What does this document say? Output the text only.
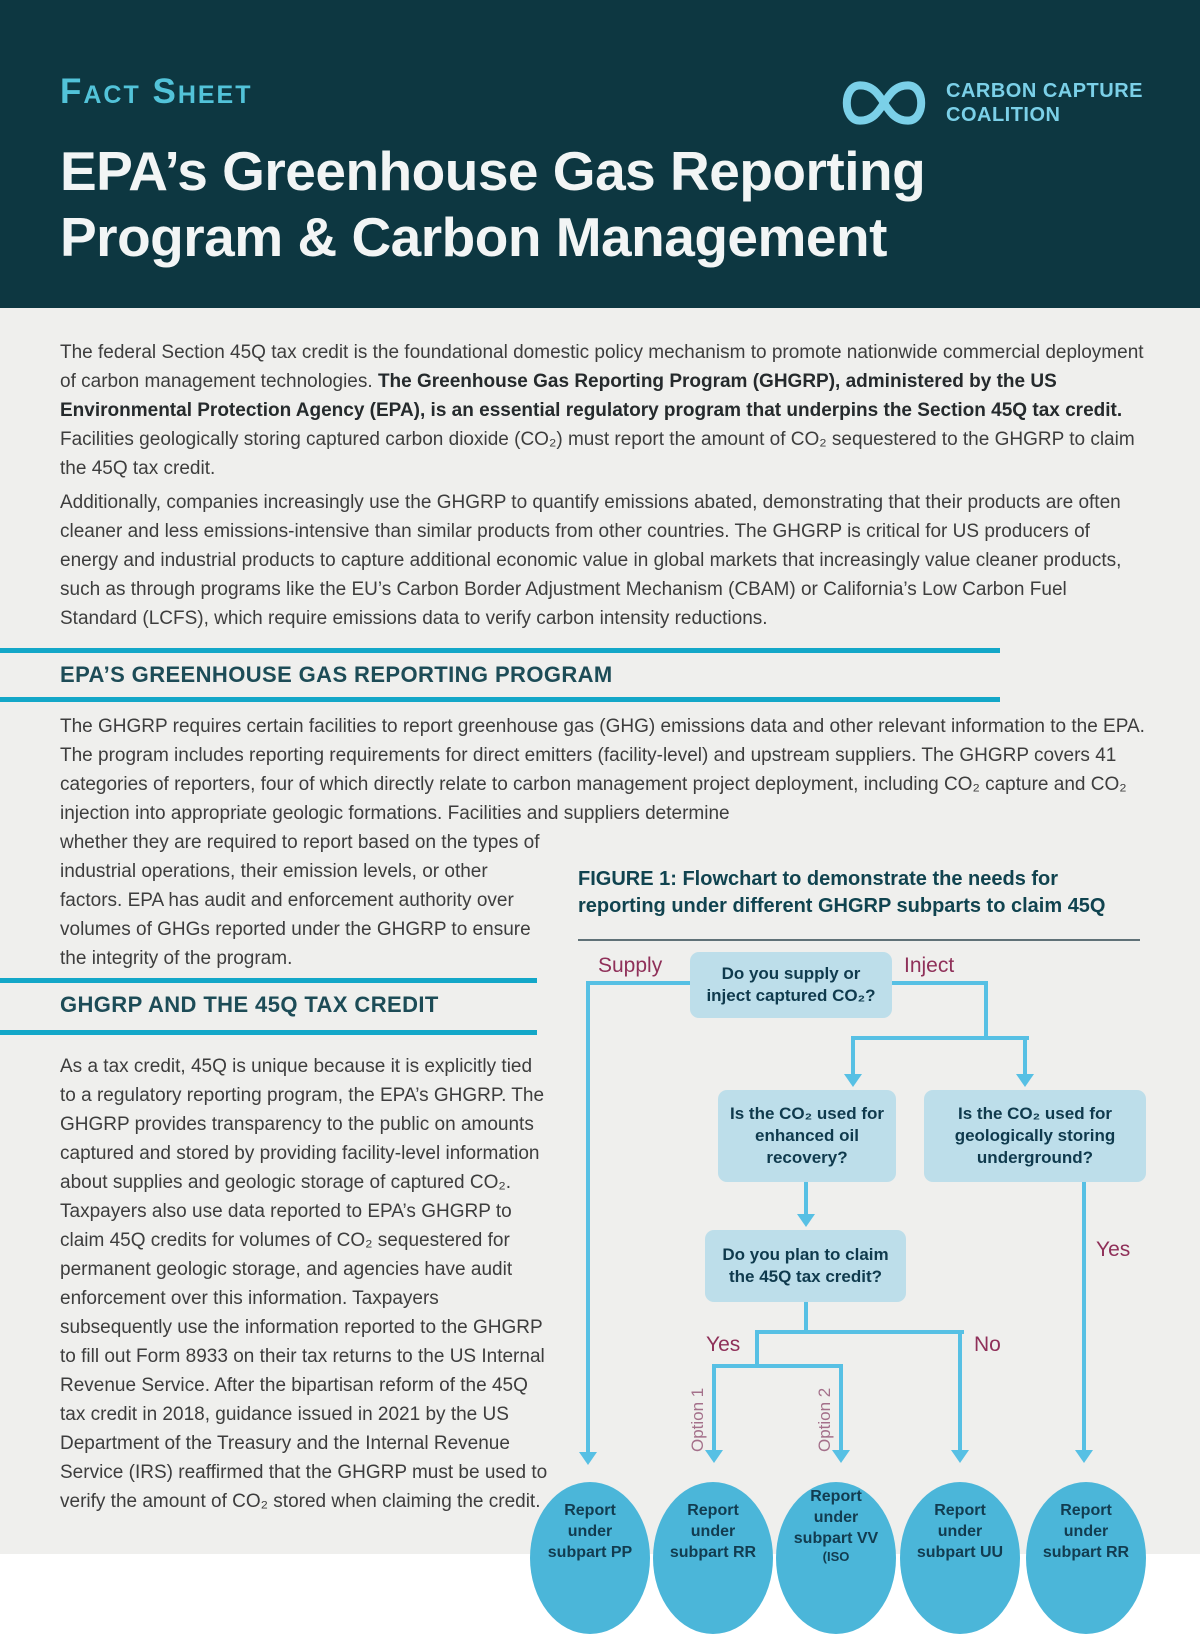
Fact Sheet	CARBON CAPTURE
COALITION
EPA’s Greenhouse Gas Reporting Program & Carbon Management

The federal Section 45Q tax credit is the foundational domestic policy mechanism to promote nationwide commercial deployment of carbon management technologies. The Greenhouse Gas Reporting Program (GHGRP), administered by the US Environmental Protection Agency (EPA), is an essential regulatory program that underpins the Section 45Q tax credit. Facilities geologically storing captured carbon dioxide (CO₂) must report the amount of CO₂ sequestered to the GHGRP to claim the 45Q tax credit.

Additionally, companies increasingly use the GHGRP to quantify emissions abated, demonstrating that their products are often cleaner and less emissions-intensive than similar products from other countries. The GHGRP is critical for US producers of energy and industrial products to capture additional economic value in global markets that increasingly value cleaner products, such as through programs like the EU’s Carbon Border Adjustment Mechanism (CBAM) or California’s Low Carbon Fuel Standard (LCFS), which require emissions data to verify carbon intensity reductions.

EPA’S GREENHOUSE GAS REPORTING PROGRAM

The GHGRP requires certain facilities to report greenhouse gas (GHG) emissions data and other relevant information to the EPA. The program includes reporting requirements for direct emitters (facility-level) and upstream suppliers. The GHGRP covers 41 categories of reporters, four of which directly relate to carbon management project deployment, including CO₂ capture and CO₂ injection into appropriate geologic formations. Facilities and suppliers determine

whether they are required to report based on the types of industrial operations, their emission levels, or other factors. EPA has audit and enforcement authority over volumes of GHGs reported under the GHGRP to ensure the integrity of the program.

GHGRP AND THE 45Q TAX CREDIT

As a tax credit, 45Q is unique because it is explicitly tied to a regulatory reporting program, the EPA’s GHGRP. The GHGRP provides transparency to the public on amounts captured and stored by providing facility-level information about supplies and geologic storage of captured CO₂. Taxpayers also use data reported to EPA’s GHGRP to claim 45Q credits for volumes of CO₂ sequestered for permanent geologic storage, and agencies have audit enforcement over this information. Taxpayers subsequently use the information reported to the GHGRP to fill out Form 8933 on their tax returns to the US Internal Revenue Service. After the bipartisan reform of the 45Q tax credit in 2018, guidance issued in 2021 by the US Department of the Treasury and the Internal Revenue Service (IRS) reaffirmed that the GHGRP must be used to verify the amount of CO₂ stored when claiming the credit.

FIGURE 1: Flowchart to demonstrate the needs for reporting under different GHGRP subparts to claim 45Q
Do you supply or inject captured CO₂?
Supply	Inject
Is the CO₂ used for enhanced oil recovery?
Is the CO₂ used for geologically storing underground?
Do you plan to claim the 45Q tax credit?
Yes	No
Option 1	Option 2
Yes
Report under subpart PP
Report under subpart RR
Report under subpart VV
(ISO
Report under subpart UU
Report under subpart RR
